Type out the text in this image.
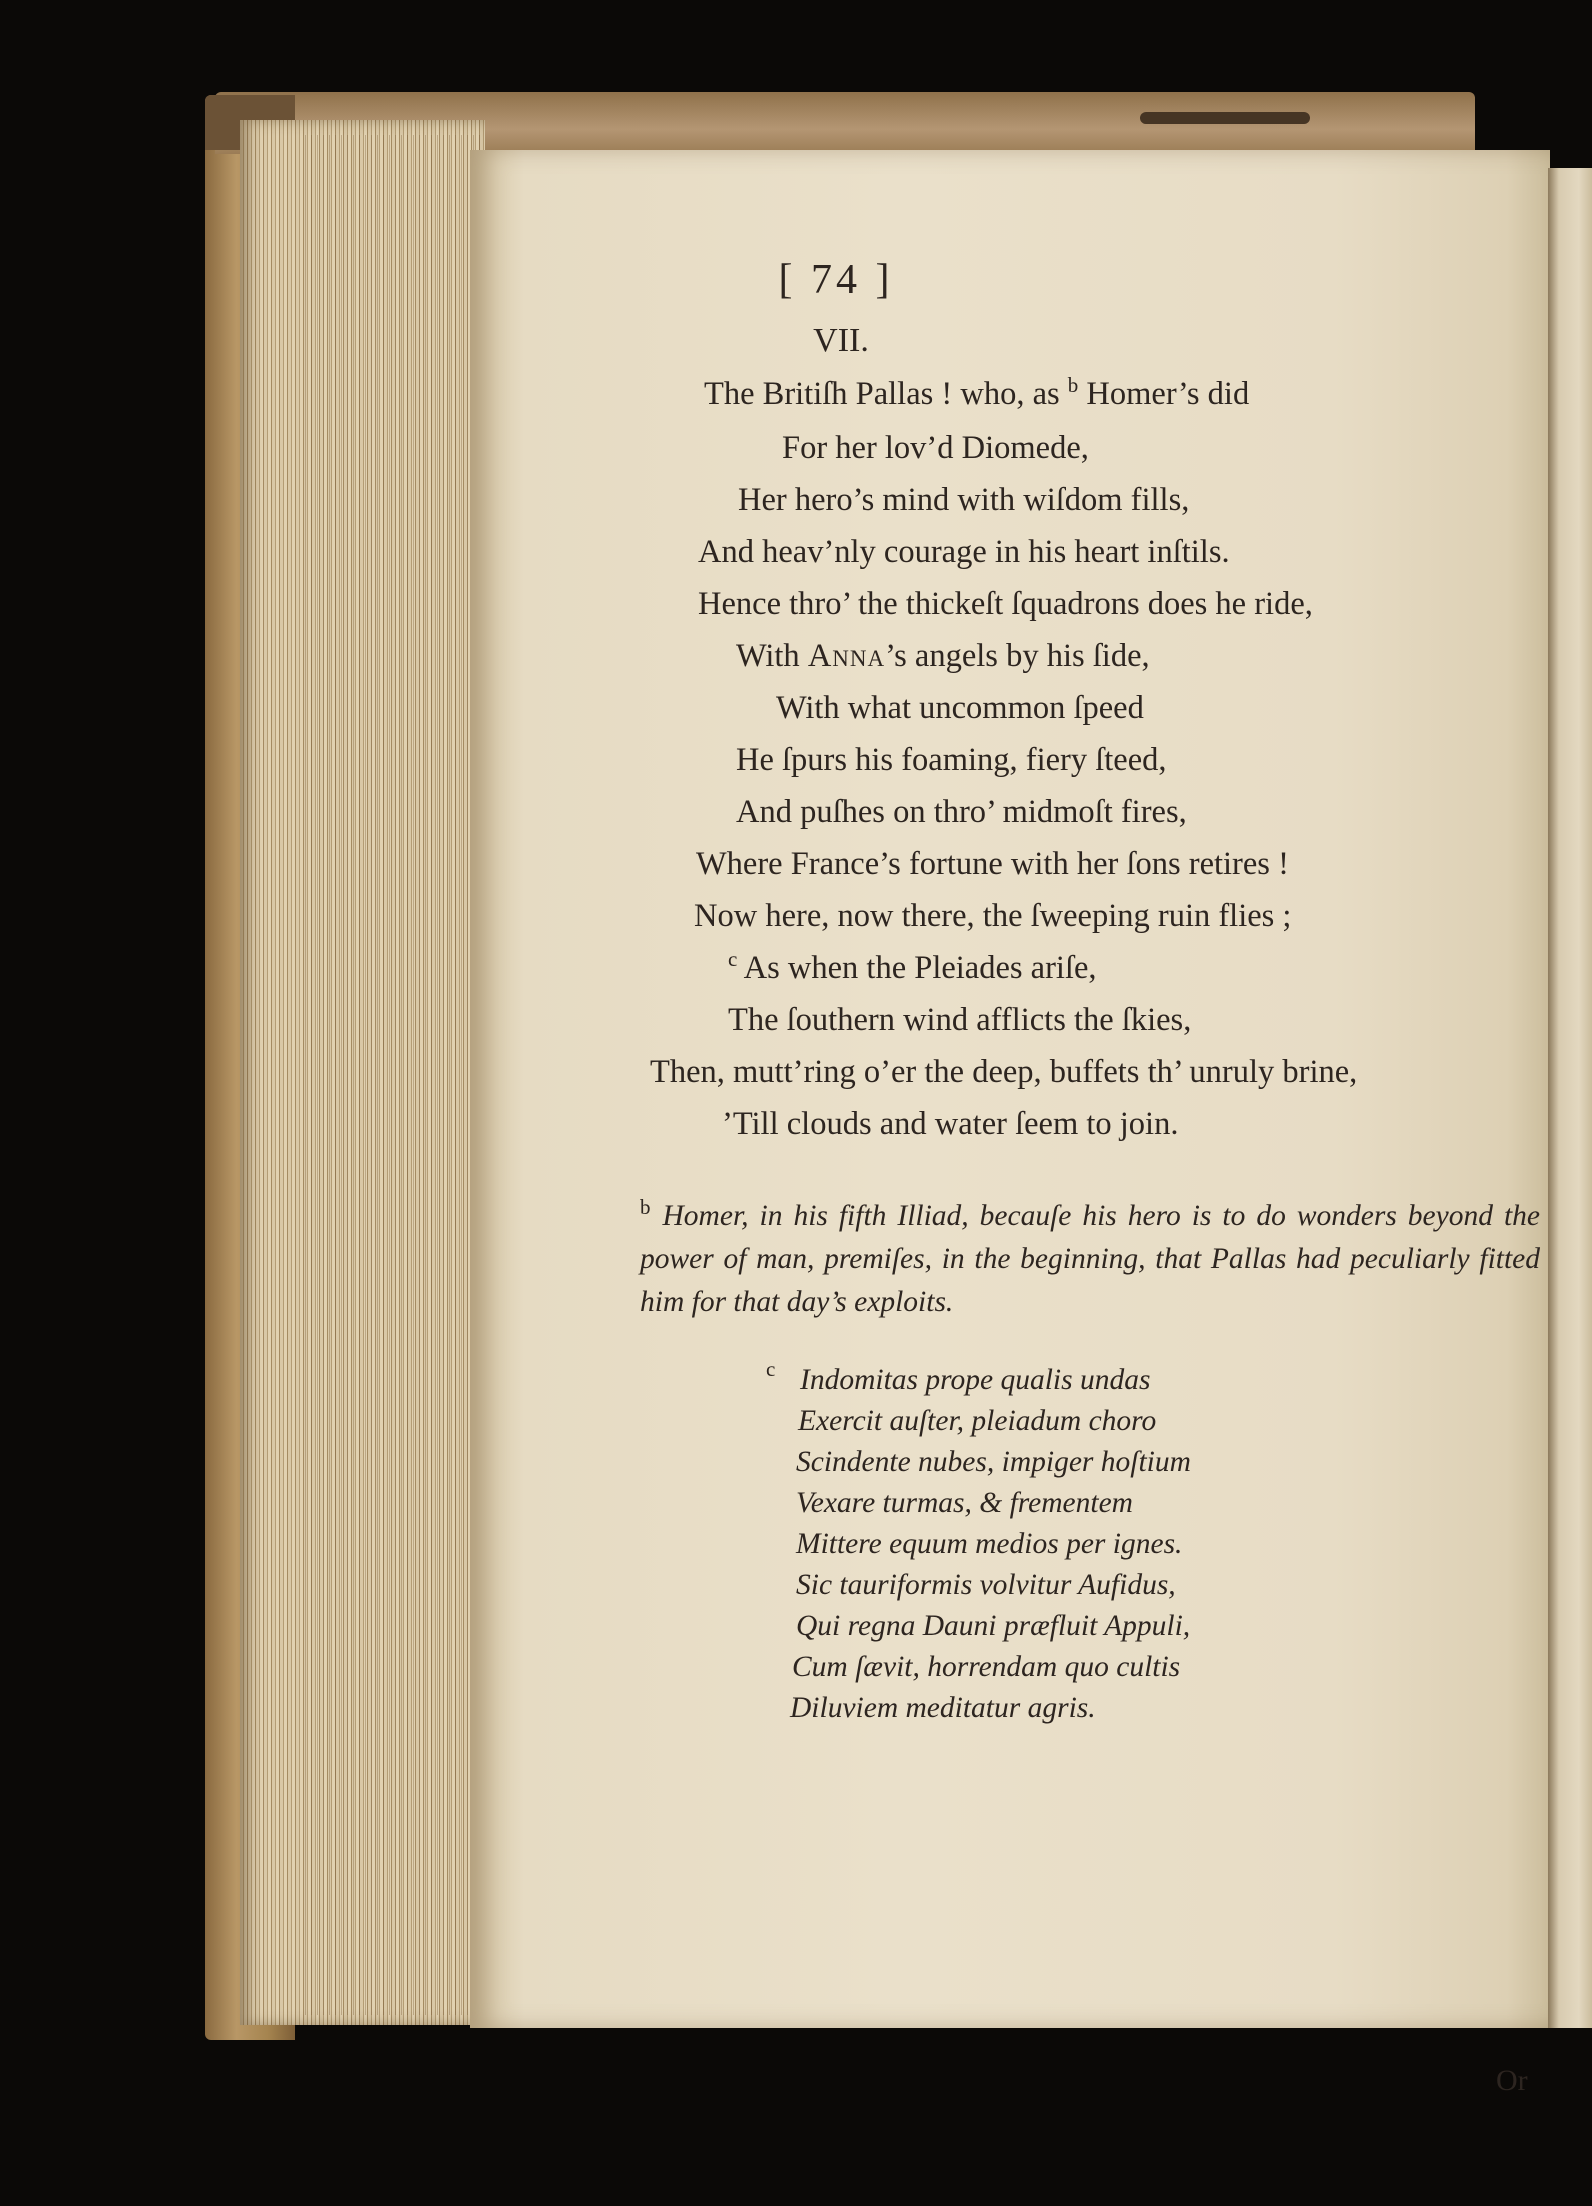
[ 74 ]
VII.
The Britiſh Pallas ! who, as $^b$ Homer’s did
For her lov’d Diomede,
Her hero’s mind with wiſdom fills,
And heav’nly courage in his heart inſtils.
Hence thro’ the thickeſt ſquadrons does he ride,
With Anna’s angels by his ſide,
With what uncommon ſpeed
He ſpurs his foaming, fiery ſteed,
And puſhes on thro’ midmoſt fires,
Where France’s fortune with her ſons retires !
Now here, now there, the ſweeping ruin flies ;
$^c$ As when the Pleiades ariſe,
The ſouthern wind afflicts the ſkies,
Then, mutt’ring o’er the deep, buffets th’ unruly brine,
’Till clouds and water ſeem to join.
$^b$ Homer, in his fifth Illiad, becauſe his hero is to do wonders beyond the power of man, premiſes, in the beginning, that Pallas had peculiarly fitted him for that day’s exploits.
c Indomitas prope qualis undas
Exercit auſter, pleiadum choro
Scindente nubes, impiger hoſtium
Vexare turmas, & frementem
Mittere equum medios per ignes.
Sic tauriformis volvitur Aufidus,
Qui regna Dauni præfluit Appuli,
Cum ſævit, horrendam quo cultis
Diluviem meditatur agris.
Or
